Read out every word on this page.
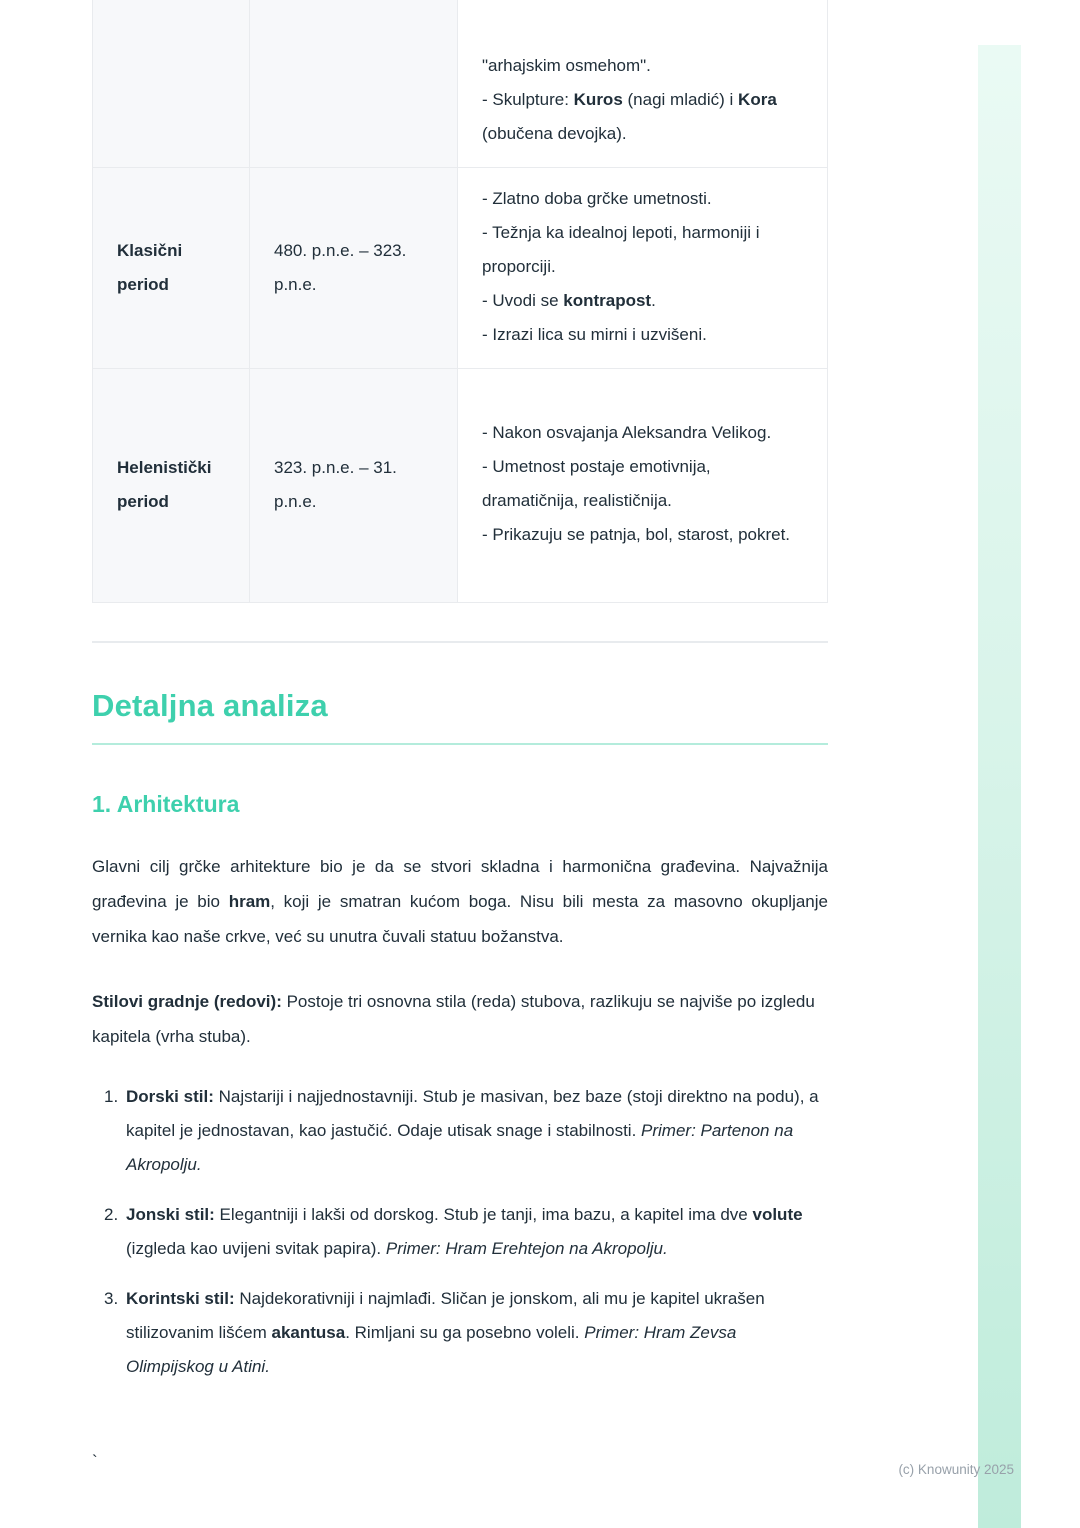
		"arhajskim osmehom".
- Skulpture: Kuros (nagi mladić) i Kora (obučena devojka).

Klasični period	480. p.n.e. – 323. p.n.e.	- Zlatno doba grčke umetnosti.
- Težnja ka idealnoj lepoti, harmoniji i proporciji.
- Uvodi se kontrapost.
- Izrazi lica su mirni i uzvišeni.

Helenistički period	323. p.n.e. – 31. p.n.e.	- Nakon osvajanja Aleksandra Velikog.
- Umetnost postaje emotivnija, dramatičnija, realističnija.
- Prikazuju se patnja, bol, starost, pokret.
Detaljna analiza
1. Arhitektura

Glavni cilj grčke arhitekture bio je da se stvori skladna i harmonična građevina. Najvažnija građevina je bio hram, koji je smatran kućom boga. Nisu bili mesta za masovno okupljanje vernika kao naše crkve, već su unutra čuvali statuu božanstva.

Stilovi gradnje (redovi): Postoje tri osnovna stila (reda) stubova, razlikuju se najviše po izgledu kapitela (vrha stuba).

1. Dorski stil: Najstariji i najjednostavniji. Stub je masivan, bez baze (stoji direktno na podu), a kapitel je jednostavan, kao jastučić. Odaje utisak snage i stabilnosti. Primer: Partenon na Akropolju.
2. Jonski stil: Elegantniji i lakši od dorskog. Stub je tanji, ima bazu, a kapitel ima dve volute (izgleda kao uvijeni svitak papira). Primer: Hram Erehtejon na Akropolju.
3. Korintski stil: Najdekorativniji i najmlađi. Sličan je jonskom, ali mu je kapitel ukrašen stilizovanim lišćem akantusa. Rimljani su ga posebno voleli. Primer: Hram Zevsa Olimpijskog u Atini.
`	(c) Knowunity 2025
